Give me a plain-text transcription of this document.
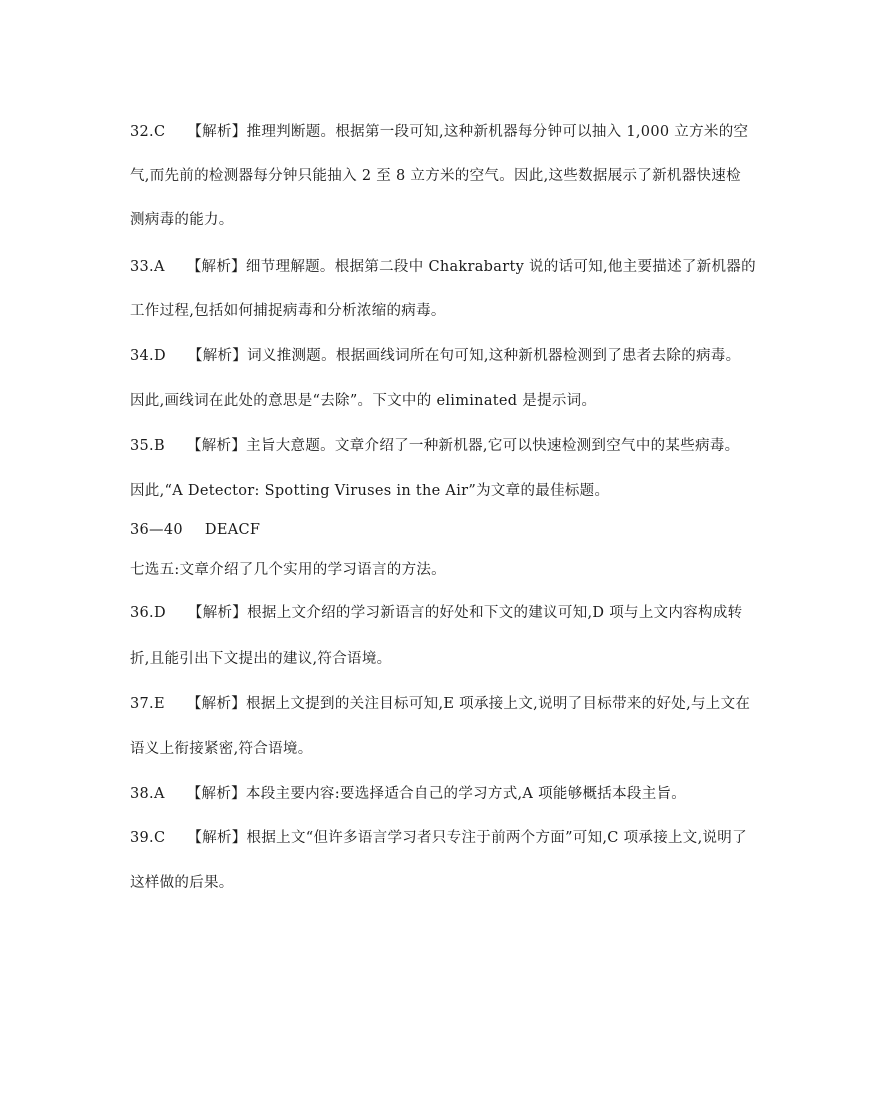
32.C 【解析】推理判断题。根据第一段可知,这种新机器每分钟可以抽入 1,000 立方米的空
气,而先前的检测器每分钟只能抽入 2 至 8 立方米的空气。因此,这些数据展示了新机器快速检
测病毒的能力。
33.A 【解析】细节理解题。根据第二段中 Chakrabarty 说的话可知,他主要描述了新机器的
工作过程,包括如何捕捉病毒和分析浓缩的病毒。
34.D 【解析】词义推测题。根据画线词所在句可知,这种新机器检测到了患者去除的病毒。
因此,画线词在此处的意思是“去除”。下文中的 eliminated 是提示词。
35.B 【解析】主旨大意题。文章介绍了一种新机器,它可以快速检测到空气中的某些病毒。
因此,“A Detector: Spotting Viruses in the Air”为文章的最佳标题。
36—40 DEACF
七选五:文章介绍了几个实用的学习语言的方法。
36.D 【解析】根据上文介绍的学习新语言的好处和下文的建议可知,D 项与上文内容构成转
折,且能引出下文提出的建议,符合语境。
37.E 【解析】根据上文提到的关注目标可知,E 项承接上文,说明了目标带来的好处,与上文在
语义上衔接紧密,符合语境。
38.A 【解析】本段主要内容:要选择适合自己的学习方式,A 项能够概括本段主旨。
39.C 【解析】根据上文“但许多语言学习者只专注于前两个方面”可知,C 项承接上文,说明了
这样做的后果。
